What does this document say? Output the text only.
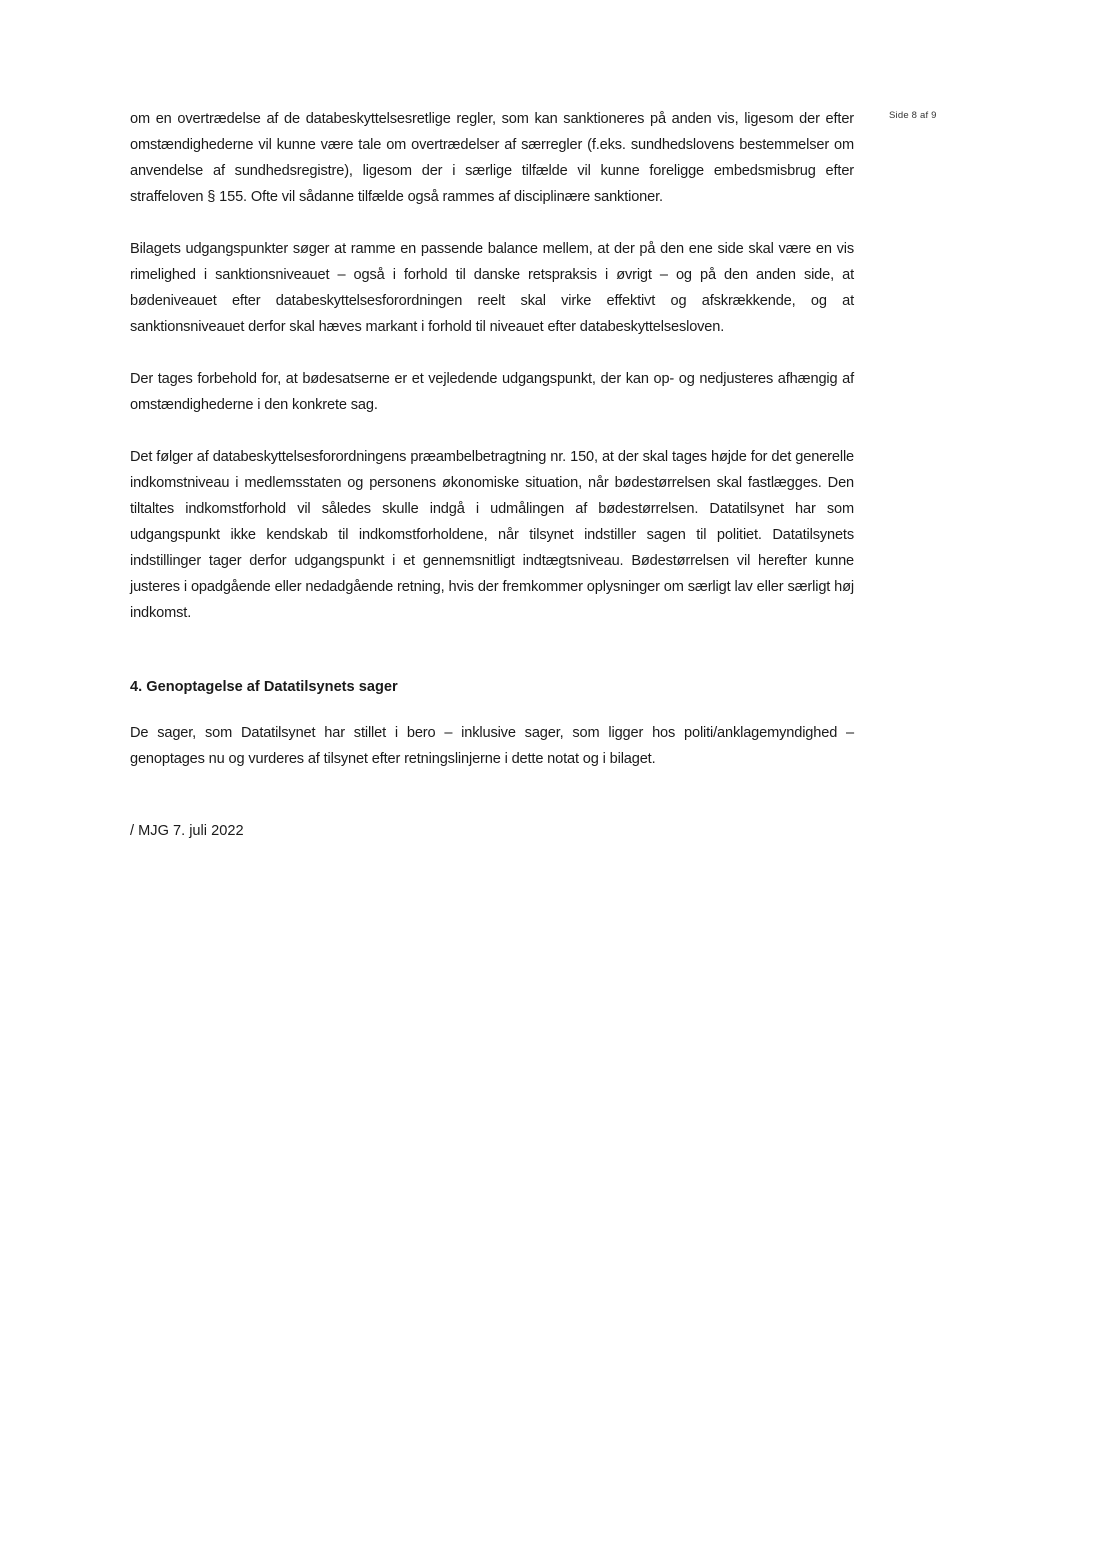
Side 8 af 9

om en overtrædelse af de databeskyttelsesretlige regler, som kan sanktioneres på anden vis, ligesom der efter omstændighederne vil kunne være tale om overtrædelser af særregler (f.eks. sundhedslovens bestemmelser om anvendelse af sundhedsregistre), ligesom der i særlige tilfælde vil kunne foreligge embedsmisbrug efter straffeloven § 155. Ofte vil sådanne tilfælde også rammes af disciplinære sanktioner.

Bilagets udgangspunkter søger at ramme en passende balance mellem, at der på den ene side skal være en vis rimelighed i sanktionsniveauet – også i forhold til danske retspraksis i øvrigt – og på den anden side, at bødeniveauet efter databeskyttelsesforordningen reelt skal virke effektivt og afskrækkende, og at sanktionsniveauet derfor skal hæves markant i forhold til niveauet efter databeskyttelsesloven.

Der tages forbehold for, at bødesatserne er et vejledende udgangspunkt, der kan op- og nedjusteres afhængig af omstændighederne i den konkrete sag.

Det følger af databeskyttelsesforordningens præambelbetragtning nr. 150, at der skal tages højde for det generelle indkomstniveau i medlemsstaten og personens økonomiske situation, når bødestørrelsen skal fastlægges. Den tiltaltes indkomstforhold vil således skulle indgå i udmålingen af bødestørrelsen. Datatilsynet har som udgangspunkt ikke kendskab til indkomstforholdene, når tilsynet indstiller sagen til politiet. Datatilsynets indstillinger tager derfor udgangspunkt i et gennemsnitligt indtægtsniveau. Bødestørrelsen vil herefter kunne justeres i opadgående eller nedadgående retning, hvis der fremkommer oplysninger om særligt lav eller særligt høj indkomst.

4. Genoptagelse af Datatilsynets sager

De sager, som Datatilsynet har stillet i bero – inklusive sager, som ligger hos politi/anklagemyndighed – genoptages nu og vurderes af tilsynet efter retningslinjerne i dette notat og i bilaget.

/ MJG 7. juli 2022
